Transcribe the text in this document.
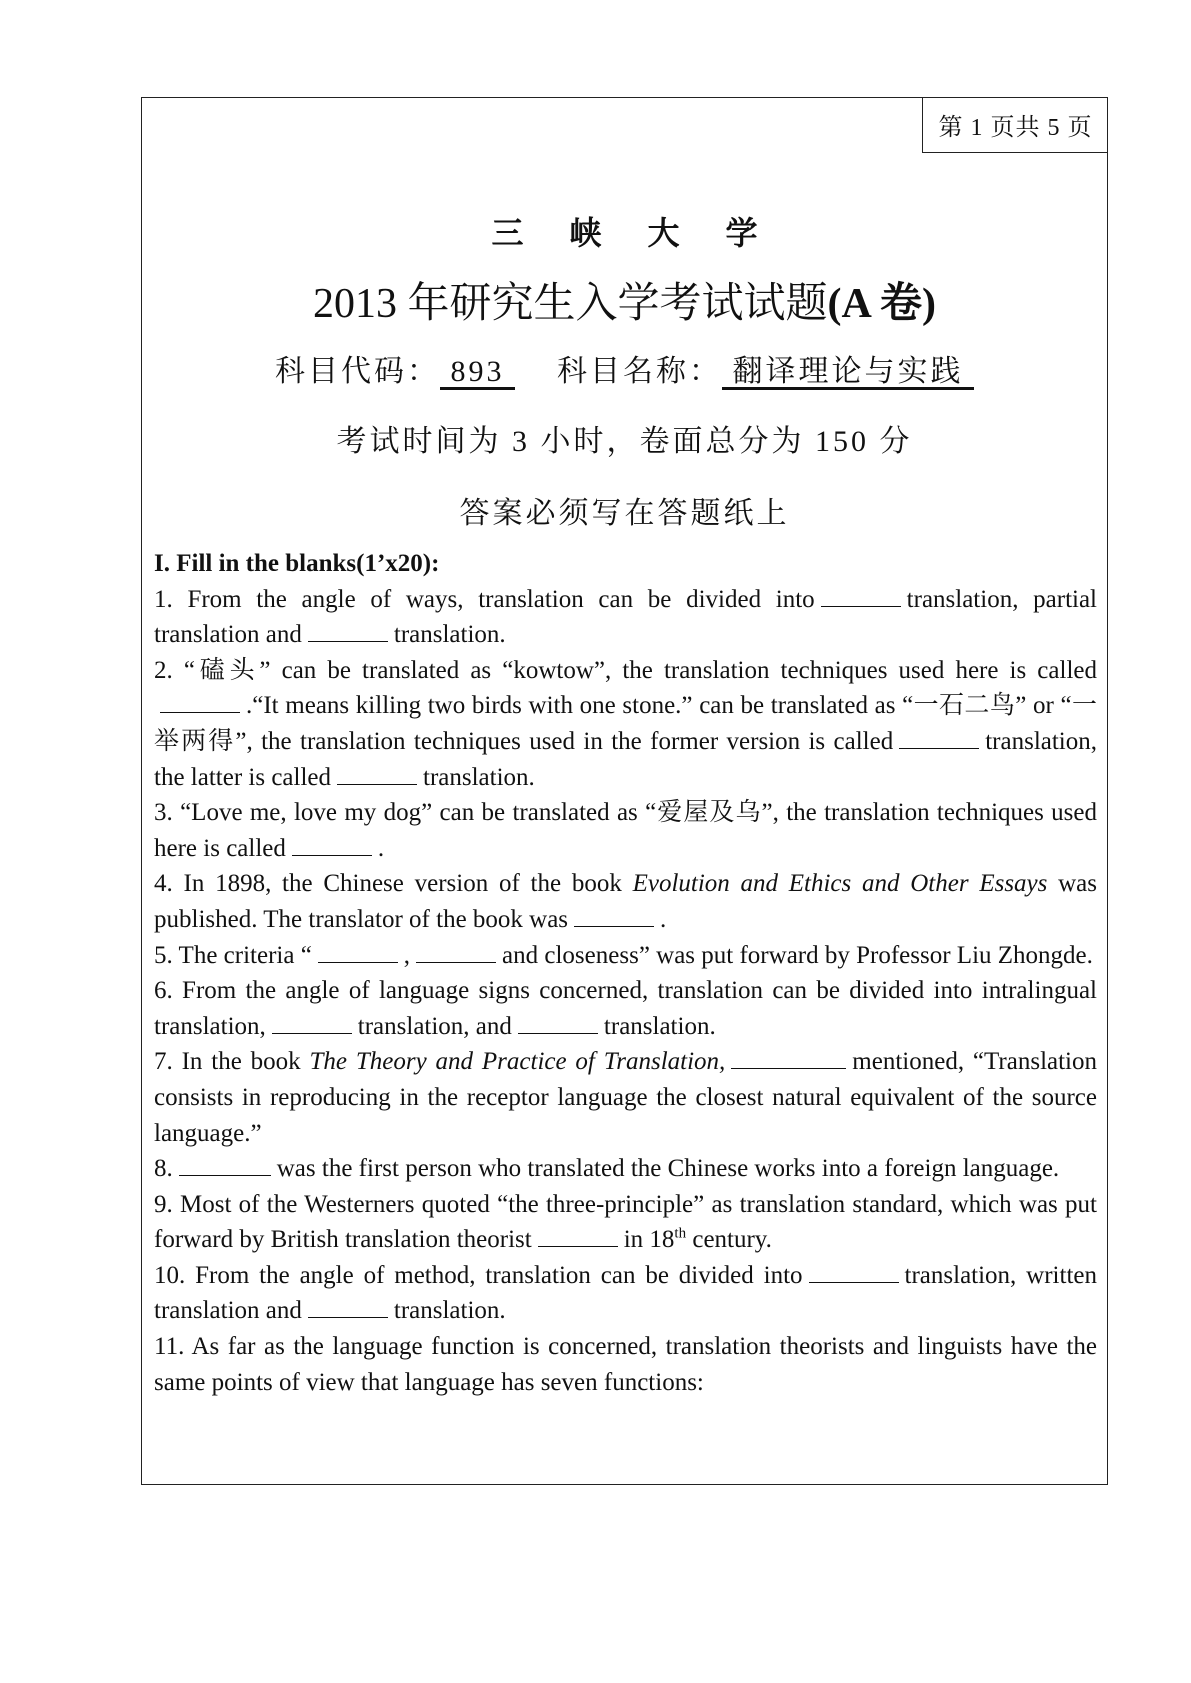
第 1 页共 5 页
三峡大学
2013 年研究生入学考试试题(A 卷)
科目代码： 893     科目名称： 翻译理论与实践
考试时间为 3 小时，卷面总分为 150 分
答案必须写在答题纸上

I. Fill in the blanks(1’x20):

1. From the angle of ways, translation can be divided into	translation, partial translation and	translation.

2. “磕头” can be translated as “kowtow”, the translation techniques used here is called.“It means killing two birds with one stone.” can be translated as “一石二鸟” or “一举两得”, the translation techniques used in the former version is called	translation, the latter is called	translation.

3. “Love me, love my dog” can be translated as “爱屋及乌”, the translation techniques used here is called	.

4. In 1898, the Chinese version of the book Evolution and Ethics and Other Essays was published. The translator of the book was	.

5. The criteria “	,	and closeness” was put forward by Professor Liu Zhongde.

6. From the angle of language signs concerned, translation can be divided into intralingual translation,	translation, and	translation.

7. In the book The Theory and Practice of Translation,	mentioned, “Translation consists in reproducing in the receptor language the closest natural equivalent of the source language.”

8.	was the first person who translated the Chinese works into a foreign language.

9. Most of the Westerners quoted “the three-principle” as translation standard, which was put forward by British translation theorist	in 18th century.

10. From the angle of method, translation can be divided into	translation, written translation and	translation.

11. As far as the language function is concerned, translation theorists and linguists have the same points of view that language has seven functions:
